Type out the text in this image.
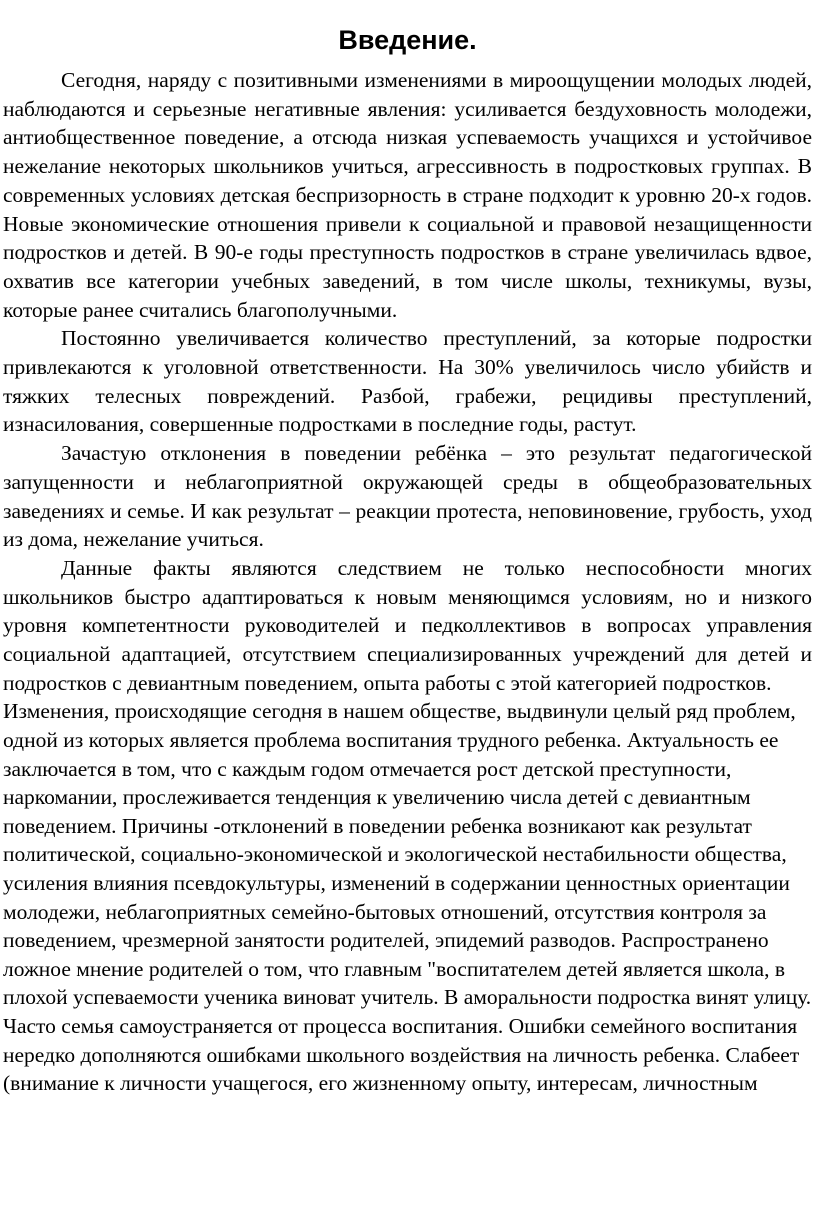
Введение.

Сегодня, наряду с позитивными изменениями в мироощущении молодых людей, наблюдаются и серьезные негативные явления: усиливается бездуховность молодежи, антиобщественное поведение, а отсюда низкая успеваемость учащихся и устойчивое нежелание некоторых школьников учиться, агрессивность в подростковых группах. В современных условиях детская беспризорность в стране подходит к уровню 20-х годов. Новые экономические отношения привели к социальной и правовой незащищенности подростков и детей. В 90-е годы преступность подростков в стране увеличилась вдвое, охватив все категории учебных заведений, в том числе школы, техникумы, вузы, которые ранее считались благополучными.

Постоянно увеличивается количество преступлений, за которые подростки привлекаются к уголовной ответственности. На 30% увеличилось число убийств и тяжких телесных повреждений. Разбой, грабежи, рецидивы преступлений, изнасилования, совершенные подростками в последние годы, растут.

Зачастую отклонения в поведении ребёнка – это результат педагогической запущенности и неблагоприятной окружающей среды в общеобразовательных заведениях и семье. И как результат – реакции протеста, неповиновение, грубость, уход из дома, нежелание учиться.

Данные факты являются следствием не только неспособности многих школьников быстро адаптироваться к новым меняющимся условиям, но и низкого уровня компетентности руководителей и педколлективов в вопросах управления социальной адаптацией, отсутствием специализированных учреждений для детей и подростков с девиантным поведением, опыта работы с этой категорией подростков.

Изменения, происходящие сегодня в нашем обществе, выдвинули целый ряд проблем, одной из которых является проблема воспитания трудного ребенка. Актуальность ее заключается в том, что с каждым годом отмечается рост детской преступности, наркомании, прослеживается тенденция к увеличению числа детей с девиантным поведением. Причины -отклонений в поведении ребенка возникают как результат политической, социально-экономической и экологической нестабильности общества, усиления влияния псевдокультуры, изменений в содержании ценностных ориентации молодежи, неблагоприятных семейно-бытовых отношений, отсутствия контроля за поведением, чрезмерной занятости родителей, эпидемий разводов. Распространено ложное мнение родителей о том, что главным "воспитателем детей является школа, в плохой успеваемости ученика виноват учитель. В аморальности подростка винят улицу. Часто семья самоустраняется от процесса воспитания. Ошибки семейного воспитания нередко дополняются ошибками школьного воздействия на личность ребенка. Слабеет (внимание к личности учащегося, его жизненному опыту, интересам, личностным
